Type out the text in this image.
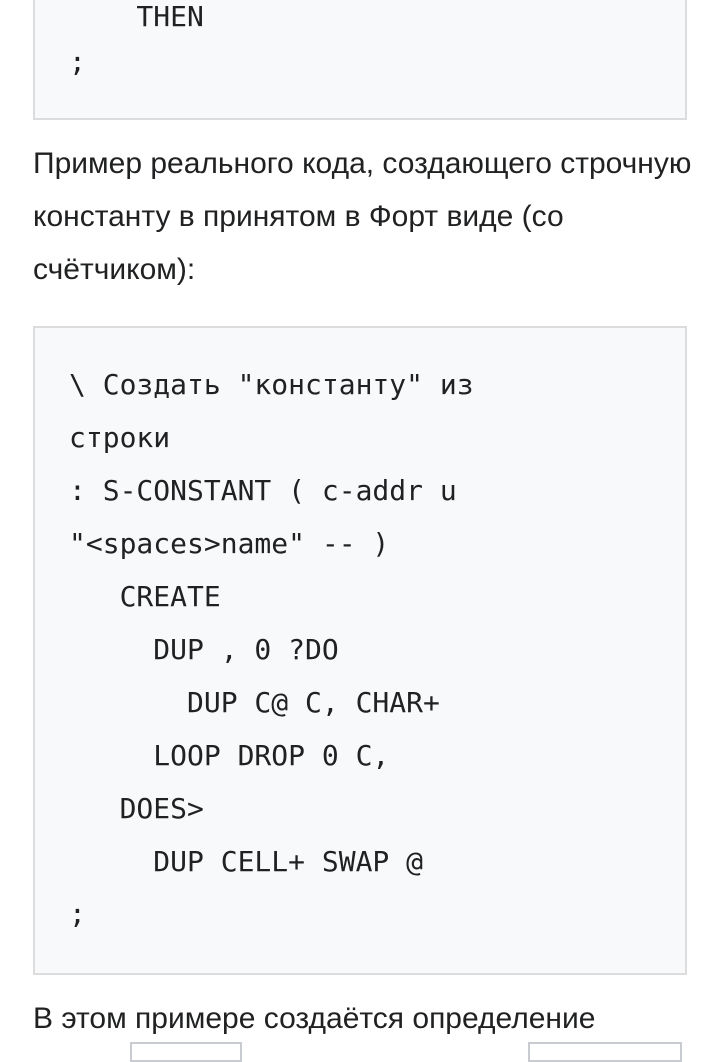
THEN
;

Пример реального кода, создающего строчную константу в принятом в Форт виде (со счётчиком):

\ Создать "константу" из
строки
: S-CONSTANT ( c-addr u
"<spaces>name" -- )
CREATE
DUP , 0 ?DO
DUP C@ C, CHAR+
LOOP DROP 0 C,
DOES>
DUP CELL+ SWAP @
;

В этом примере создаётся определение
